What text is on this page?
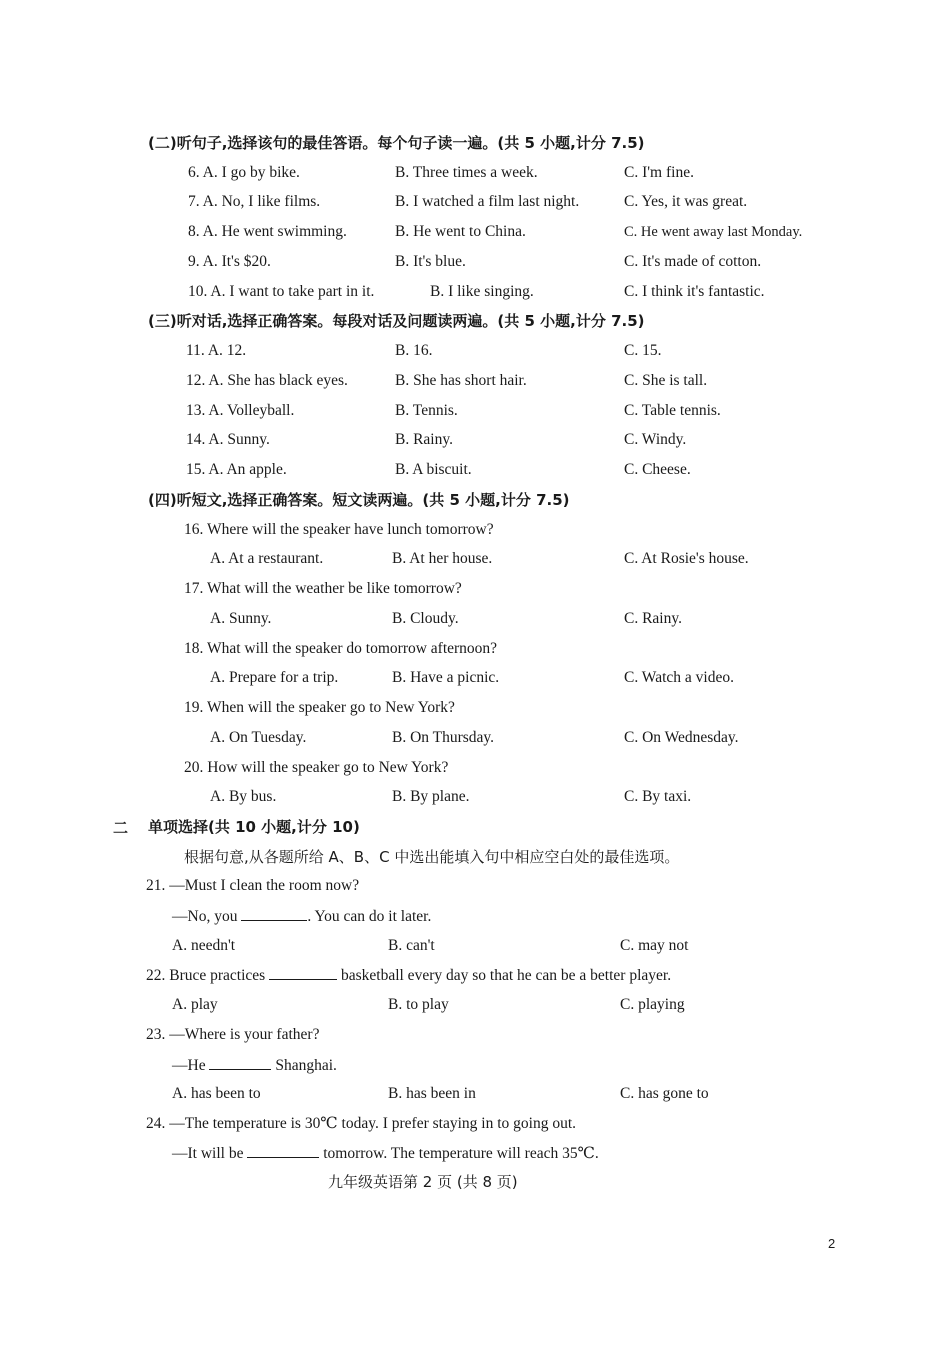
(二)听句子,选择该句的最佳答语。每个句子读一遍。(共 5 小题,计分 7.5)
6. A. I go by bike.	B. Three times a week.	C. I'm fine.
7. A. No, I like films.	B. I watched a film last night.	C. Yes, it was great.
8. A. He went swimming.	B. He went to China.	C. He went away last Monday.
9. A. It's $20.	B. It's blue.	C. It's made of cotton.
10. A. I want to take part in it.	B. I like singing.	C. I think it's fantastic.
(三)听对话,选择正确答案。每段对话及问题读两遍。(共 5 小题,计分 7.5)
11. A. 12.	B. 16.	C. 15.
12. A. She has black eyes.	B. She has short hair.	C. She is tall.
13. A. Volleyball.	B. Tennis.	C. Table tennis.
14. A. Sunny.	B. Rainy.	C. Windy.
15. A. An apple.	B. A biscuit.	C. Cheese.
(四)听短文,选择正确答案。短文读两遍。(共 5 小题,计分 7.5)
16. Where will the speaker have lunch tomorrow?
A. At a restaurant.	B. At her house.	C. At Rosie's house.
17. What will the weather be like tomorrow?
A. Sunny.	B. Cloudy.	C. Rainy.
18. What will the speaker do tomorrow afternoon?
A. Prepare for a trip.	B. Have a picnic.	C. Watch a video.
19. When will the speaker go to New York?
A. On Tuesday.	B. On Thursday.	C. On Wednesday.
20. How will the speaker go to New York?
A. By bus.	B. By plane.	C. By taxi.
二 单项选择(共 10 小题,计分 10)
根据句意,从各题所给 A、B、C 中选出能填入句中相应空白处的最佳选项。
21. —Must I clean the room now?
—No, you	. You can do it later.
A. needn't	B. can't	C. may not
22. Bruce practices	basketball every day so that he can be a better player.
A. play	B. to play	C. playing
23. —Where is your father?
—He	Shanghai.
A. has been to	B. has been in	C. has gone to
24. —The temperature is 30℃ today. I prefer staying in to going out.
—It will be	tomorrow. The temperature will reach 35℃.
九年级英语第 2 页 (共 8 页)
2
